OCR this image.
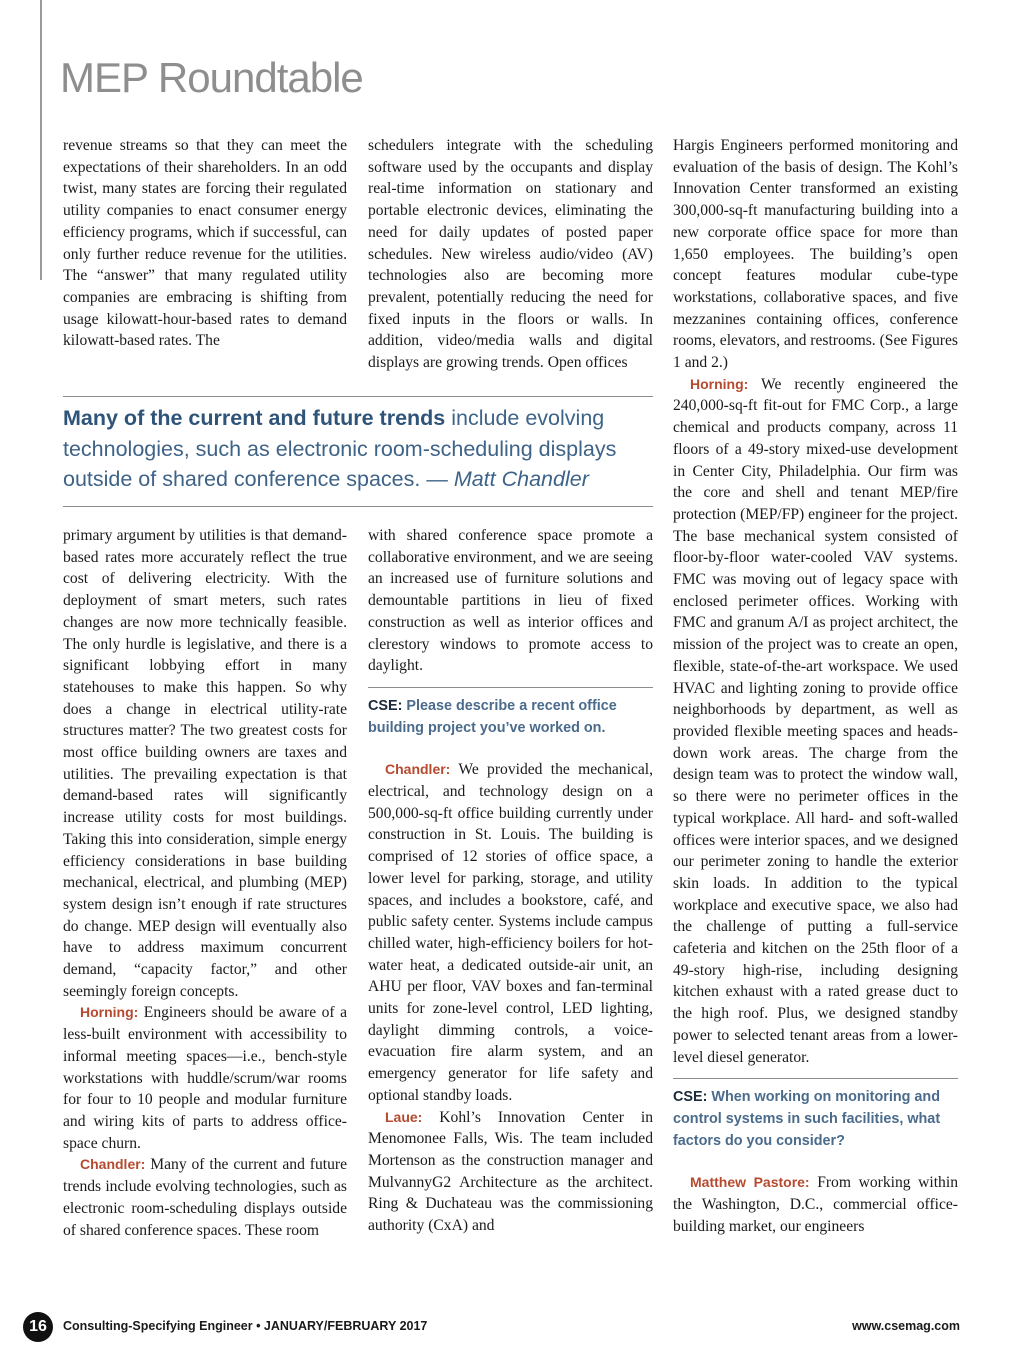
MEP Roundtable

revenue streams so that they can meet the expectations of their shareholders. In an odd twist, many states are forcing their regulated utility companies to enact consumer energy efficiency programs, which if successful, can only further reduce revenue for the utilities. The “answer” that many regulated utility companies are embracing is shifting from usage kilowatt-hour-based rates to demand kilowatt-based rates. The

schedulers integrate with the scheduling software used by the occupants and display real-time information on stationary and portable electronic devices, eliminating the need for daily updates of posted paper schedules. New wireless audio/video (AV) technologies also are becoming more prevalent, potentially reducing the need for fixed inputs in the floors or walls. In addition, video/media walls and digital displays are growing trends. Open offices

Many of the current and future trends include evolving technologies, such as electronic room-scheduling displays outside of shared conference spaces. — Matt Chandler

primary argument by utilities is that demand-based rates more accurately reflect the true cost of delivering electricity. With the deployment of smart meters, such rates changes are now more technically feasible. The only hurdle is legislative, and there is a significant lobbying effort in many statehouses to make this happen. So why does a change in electrical utility-rate structures matter? The two greatest costs for most office building owners are taxes and utilities. The prevailing expectation is that demand-based rates will significantly increase utility costs for most buildings. Taking this into consideration, simple energy efficiency considerations in base building mechanical, electrical, and plumbing (MEP) system design isn’t enough if rate structures do change. MEP design will eventually also have to address maximum concurrent demand, “capacity factor,” and other seemingly foreign concepts.

Horning: Engineers should be aware of a less-built environment with accessibility to informal meeting spaces—i.e., bench-style workstations with huddle/scrum/war rooms for four to 10 people and modular furniture and wiring kits of parts to address office-space churn.

Chandler: Many of the current and future trends include evolving technologies, such as electronic room-scheduling displays outside of shared conference spaces. These room

with shared conference space promote a collaborative environment, and we are seeing an increased use of furniture solutions and demountable partitions in lieu of fixed construction as well as interior offices and clerestory windows to promote access to daylight.

CSE: Please describe a recent office building project you’ve worked on.

Chandler: We provided the mechanical, electrical, and technology design on a 500,000-sq-ft office building currently under construction in St. Louis. The building is comprised of 12 stories of office space, a lower level for parking, storage, and utility spaces, and includes a bookstore, café, and public safety center. Systems include campus chilled water, high-efficiency boilers for hot-water heat, a dedicated outside-air unit, an AHU per floor, VAV boxes and fan-terminal units for zone-level control, LED lighting, daylight dimming controls, a voice-evacuation fire alarm system, and an emergency generator for life safety and optional standby loads.

Laue: Kohl’s Innovation Center in Menomonee Falls, Wis. The team included Mortenson as the construction manager and MulvannyG2 Architecture as the architect. Ring & Duchateau was the commissioning authority (CxA) and

Hargis Engineers performed monitoring and evaluation of the basis of design. The Kohl’s Innovation Center transformed an existing 300,000-sq-ft manufacturing building into a new corporate office space for more than 1,650 employees. The building’s open concept features modular cube-type workstations, collaborative spaces, and five mezzanines containing offices, conference rooms, elevators, and restrooms. (See Figures 1 and 2.)

Horning: We recently engineered the 240,000-sq-ft fit-out for FMC Corp., a large chemical and products company, across 11 floors of a 49-story mixed-use development in Center City, Philadelphia. Our firm was the core and shell and tenant MEP/fire protection (MEP/FP) engineer for the project. The base mechanical system consisted of floor-by-floor water-cooled VAV systems. FMC was moving out of legacy space with enclosed perimeter offices. Working with FMC and granum A/I as project architect, the mission of the project was to create an open, flexible, state-of-the-art workspace. We used HVAC and lighting zoning to provide office neighborhoods by department, as well as provided flexible meeting spaces and heads-down work areas. The charge from the design team was to protect the window wall, so there were no perimeter offices in the typical workplace. All hard- and soft-walled offices were interior spaces, and we designed our perimeter zoning to handle the exterior skin loads. In addition to the typical workplace and executive space, we also had the challenge of putting a full-service cafeteria and kitchen on the 25th floor of a 49-story high-rise, including designing kitchen exhaust with a rated grease duct to the high roof. Plus, we designed standby power to selected tenant areas from a lower-level diesel generator.

CSE: When working on monitoring and control systems in such facilities, what factors do you consider?

Matthew Pastore: From working within the Washington, D.C., commercial office-building market, our engineers

16	Consulting-Specifying Engineer • JANUARY/FEBRUARY 2017	www.csemag.com
